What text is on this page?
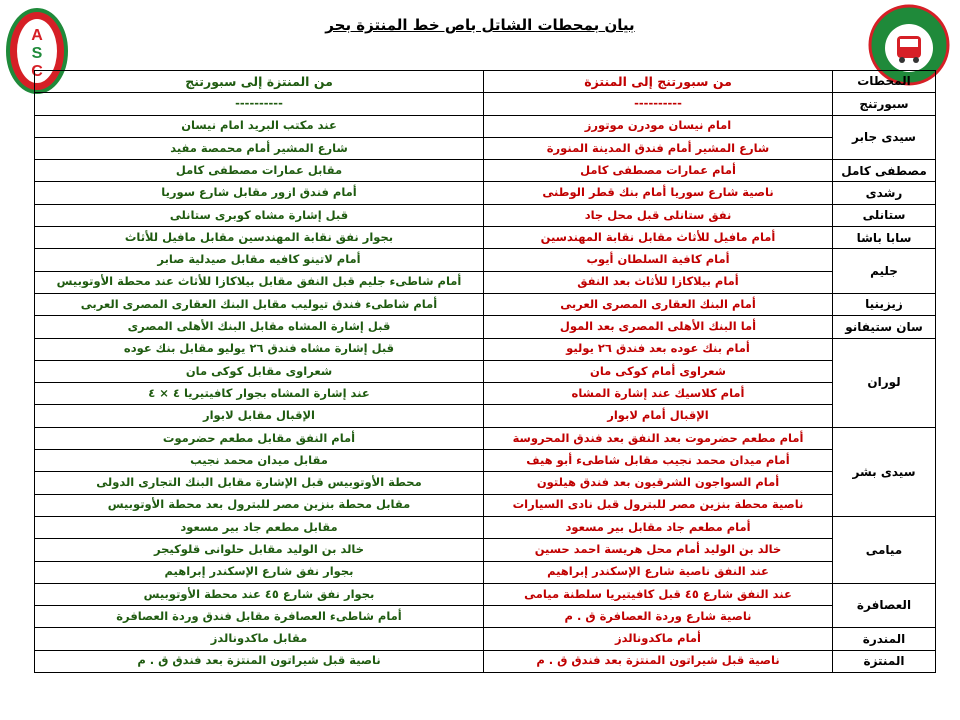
A
S
C
بيان بمحطات الشاتل باص خط المنتزة بحر
المحطات	من سبورتنج إلى المنتزة	من المنتزة إلى سبورتنج
سبورتنج	----------	----------
سيدى جابر	امام نيسان مودرن موتورز	عند مكتب البريد امام نيسان
	شارع المشير أمام فندق المدينة المنورة	شارع المشير أمام محمصة مفيد
مصطفى كامل	أمام عمارات مصطفى كامل	مقابل عمارات مصطفى كامل
رشدى	ناصية شارع سوريا أمام بنك قطر الوطنى	أمام فندق ازور مقابل شارع سوريا
ستانلى	نفق ستانلى قبل محل جاد	قبل إشارة مشاه كوبرى ستانلى
سابا باشا	أمام مافيل للأثاث مقابل نقابة المهندسين	بجوار نفق نقابة المهندسين مقابل مافيل للأثاث
جليم	أمام كافية السلطان أيوب	أمام لاتينو كافيه مقابل صيدلية صابر
	أمام بيلاكازا للأثاث بعد النفق	أمام شاطىء جليم قبل النفق مقابل بيلاكازا للأثاث عند محطة الأوتوبيس
زيزينيا	أمام البنك العقارى المصرى العربى	أمام شاطىء فندق تيوليب مقابل البنك العقارى المصرى العربى
سان ستيفانو	أما البنك الأهلى المصرى بعد المول	قبل إشارة المشاه مقابل البنك الأهلى المصرى
لوران	أمام بنك عوده بعد فندق ٢٦ يوليو	قبل إشارة مشاه فندق ٢٦ يوليو مقابل بنك عوده
	شعراوى أمام كوكى مان	شعراوى مقابل كوكى مان
	أمام كلاسيك عند إشارة المشاه	عند إشارة المشاه بجوار كافيتيريا ٤ × ٤
	الإقبال أمام لابوار	الإقبال مقابل لابوار
سيدى بشر	أمام مطعم حضرموت بعد النفق بعد فندق المحروسة	أمام النفق مقابل مطعم حضرموت
	أمام ميدان محمد نجيب مقابل شاطىء أبو هيف	مقابل ميدان محمد نجيب
	أمام السواجون الشرقيون بعد فندق هيلتون	محطة الأوتوبيس قبل الإشارة مقابل البنك التجارى الدولى
	ناصية محطة بنزين مصر للبترول قبل نادى السيارات	مقابل محطة بنزين مصر للبترول بعد محطة الأوتوبيس
ميامى	أمام مطعم جاد مقابل بير مسعود	مقابل مطعم جاد بير مسعود
	خالد بن الوليد أمام محل هريسة احمد حسين	خالد بن الوليد مقابل حلوانى قلوكيجر
	عند النفق ناصية شارع الإسكندر إبراهيم	بجوار نفق شارع الإسكندر إبراهيم
العصافرة	عند النفق شارع ٤٥ قبل كافيتيريا سلطنة ميامى	بجوار نفق شارع ٤٥ عند محطة الأوتوبيس
	ناصية شارع وردة العصافرة ق . م	أمام شاطىء العصافرة مقابل فندق وردة العصافرة
المندرة	أمام ماكدونالدز	مقابل ماكدونالدز
المنتزة	ناصية قبل شيراتون المنتزة بعد فندق ق . م	ناصية قبل شيراتون المنتزة بعد فندق ق . م
